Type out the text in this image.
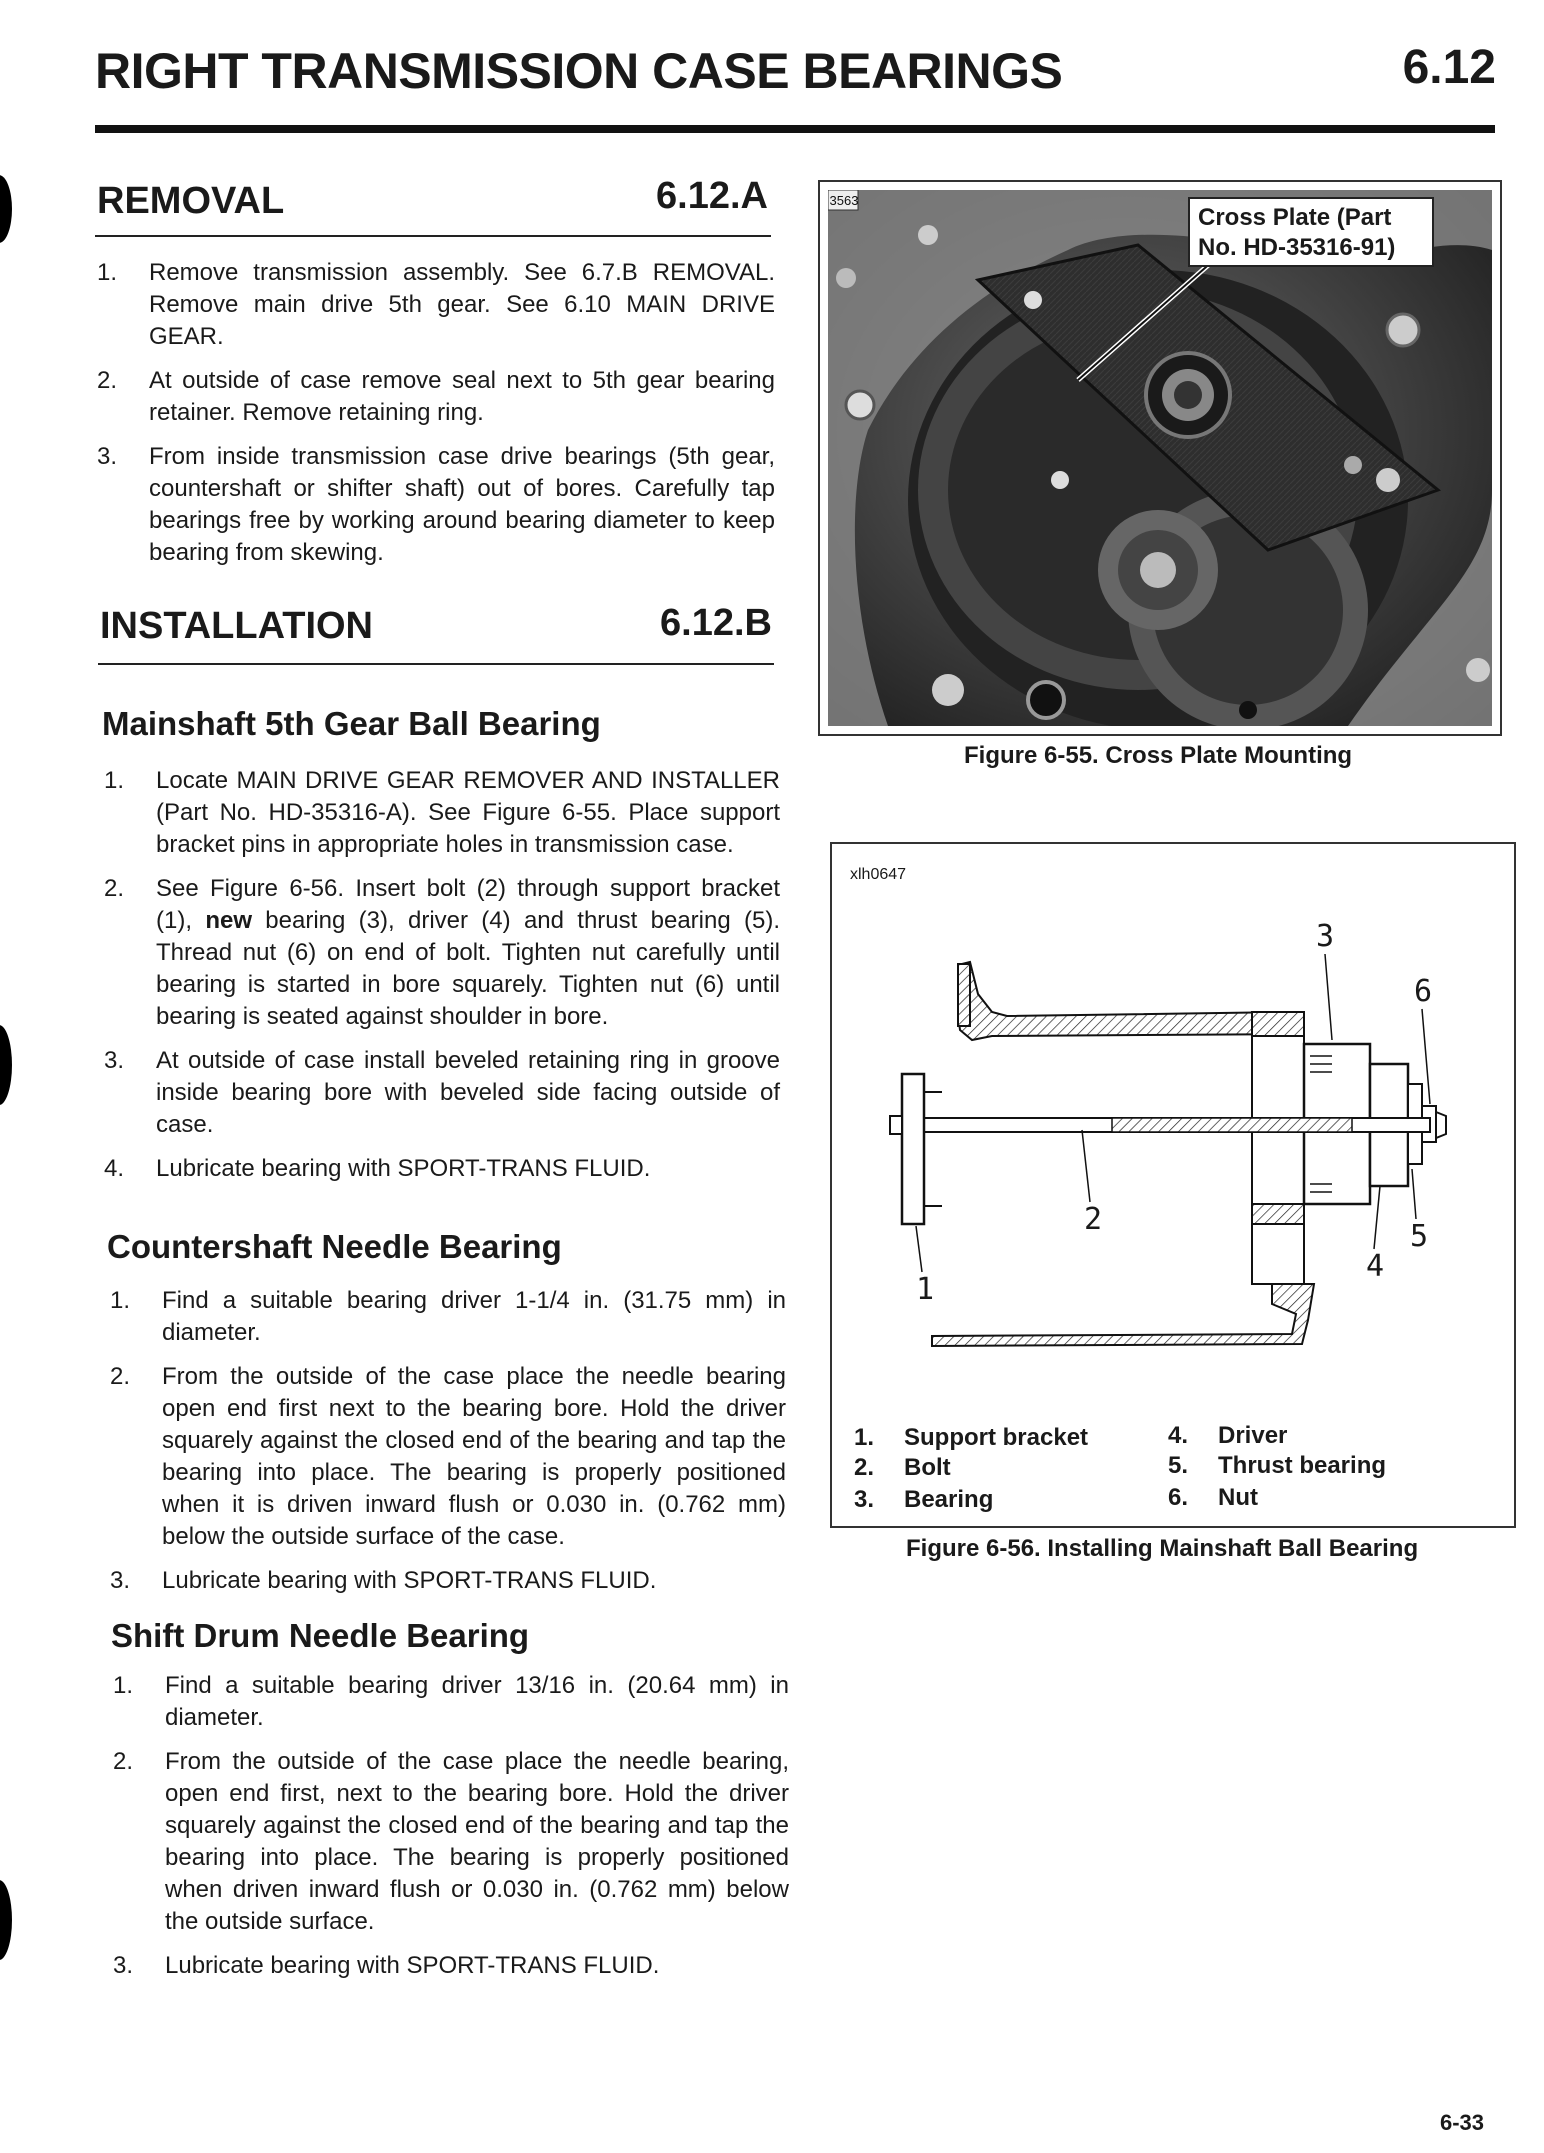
RIGHT TRANSMISSION CASE BEARINGS	6.12
REMOVAL	6.12.A
1. Remove transmission assembly. See 6.7.B REMOVAL. Remove main drive 5th gear. See 6.10 MAIN DRIVE GEAR.
2. At outside of case remove seal next to 5th gear bearing retainer. Remove retaining ring.
3. From inside transmission case drive bearings (5th gear, countershaft or shifter shaft) out of bores. Carefully tap bearings free by working around bearing diameter to keep bearing from skewing.
INSTALLATION	6.12.B
Mainshaft 5th Gear Ball Bearing
1. Locate MAIN DRIVE GEAR REMOVER AND INSTALLER (Part No. HD-35316-A). See Figure 6-55. Place support bracket pins in appropriate holes in transmission case.
2. See Figure 6-56. Insert bolt (2) through support bracket (1), new bearing (3), driver (4) and thrust bearing (5). Thread nut (6) on end of bolt. Tighten nut carefully until bearing is started in bore squarely. Tighten nut (6) until bearing is seated against shoulder in bore.
3. At outside of case install beveled retaining ring in groove inside bearing bore with beveled side facing outside of case.
4. Lubricate bearing with SPORT-TRANS FLUID.
Countershaft Needle Bearing
1. Find a suitable bearing driver 1-1/4 in. (31.75 mm) in diameter.
2. From the outside of the case place the needle bearing open end first next to the bearing bore. Hold the driver squarely against the closed end of the bearing and tap the bearing into place. The bearing is properly positioned when it is driven inward flush or 0.030 in. (0.762 mm) below the outside surface of the case.
3. Lubricate bearing with SPORT-TRANS FLUID.
Shift Drum Needle Bearing
1. Find a suitable bearing driver 13/16 in. (20.64 mm) in diameter.
2. From the outside of the case place the needle bearing, open end first, next to the bearing bore. Hold the driver squarely against the closed end of the bearing and tap the bearing into place. The bearing is properly positioned when driven inward flush or 0.030 in. (0.762 mm) below the outside surface.
3. Lubricate bearing with SPORT-TRANS FLUID.
3563
Cross Plate (Part
No. HD-35316-91)
Figure 6-55. Cross Plate Mounting
xlh0647
1
2
3
4
5
6
1. Support bracket
2. Bolt
3. Bearing
4. Driver
5. Thrust bearing
6. Nut
Figure 6-56. Installing Mainshaft Ball Bearing
6-33
